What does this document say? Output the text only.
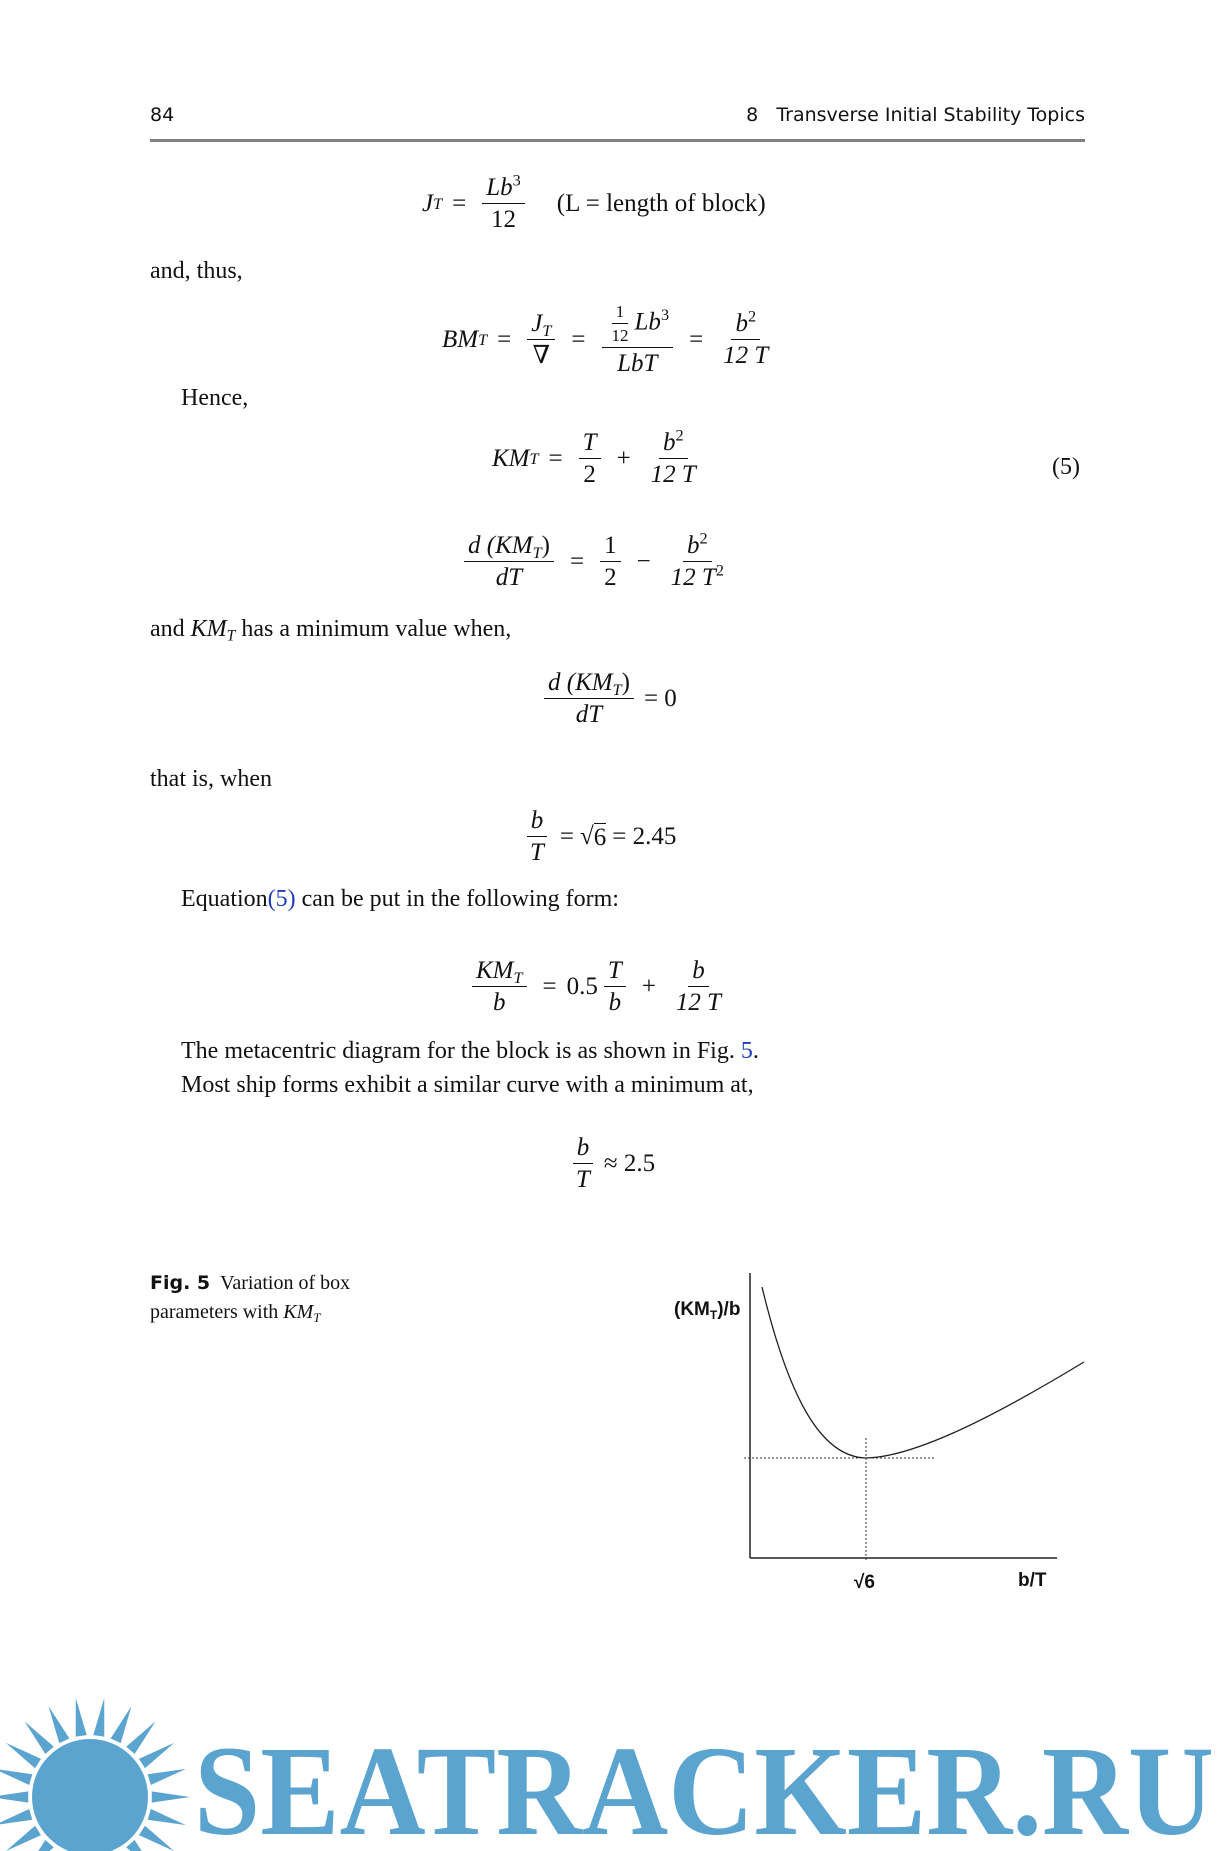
84	8 Transverse Initial Stability Topics
J $T = \frac{Lb^3}{12} (L$ = length of block)
and, thus,
BM $T = \frac{J_T}{\nabla} = \frac{\frac{1}{12} Lb^3}{\text{LbT}} = \frac{b^2}{12 T}$
Hence,
KM $T = \frac{T}{2} + \frac{b^2}{12 T}$	(5)
$\frac{d (KM_T)}{dT} = \frac{1}{2} - \frac{b^2}{12 T^2}$
and $KM_T$ has a minimum value when,
$\frac{d (KM_T)}{dT} = 0$
that is, when
$\frac{b}{T}$ = √ 6 = 2.45
Equation(5) can be put in the following form:
$\frac{KM_T}{b} = 0.5 \frac{T}{b} + \frac{b}{12 T}$
The metacentric diagram for the block is as shown in Fig. 5.
Most ship forms exhibit a similar curve with a minimum at,
$\frac{b}{T} \approx 2.5$
Fig. 5 Variation of box
parameters with $KM_T$	$(KM_T)/b$
√6	b/T
SEATRACKER.RU
